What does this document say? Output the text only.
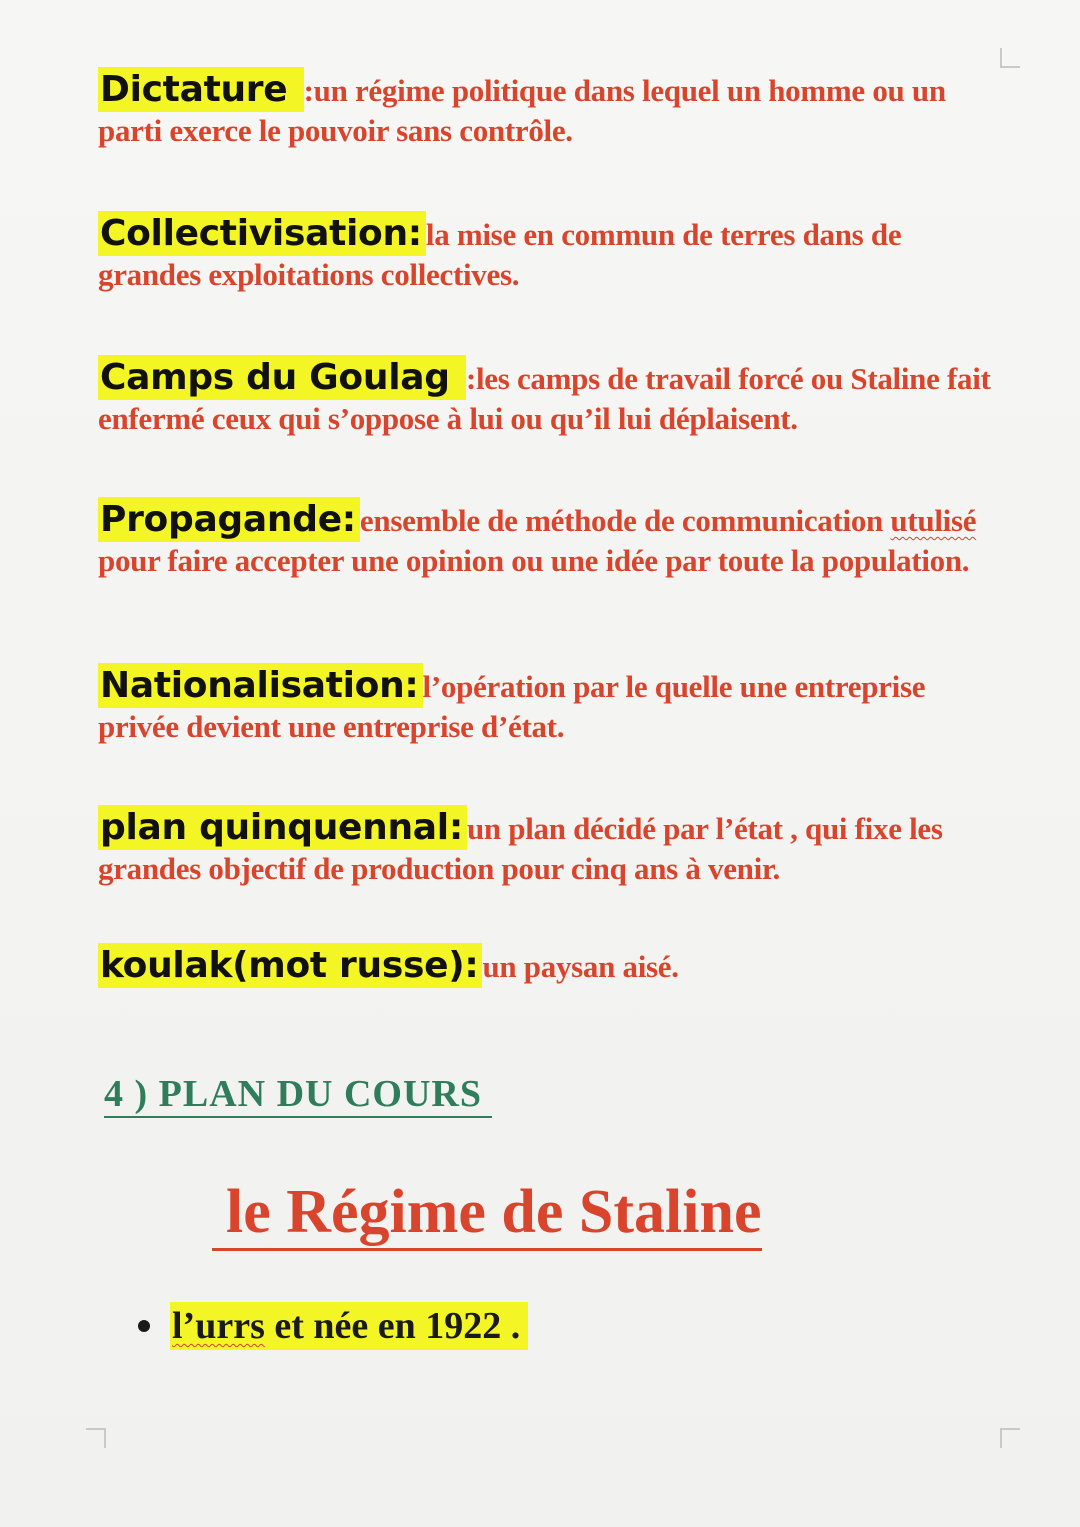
Dictature :un régime politique dans lequel un homme ou un parti exerce le pouvoir sans contrôle.
Collectivisation: la mise en commun de terres dans de grandes exploitations collectives.
Camps du Goulag :les camps de travail forcé ou Staline fait enfermé ceux qui s’oppose à lui ou qu’il lui déplaisent.
Propagande: ensemble de méthode de communication utulisé pour faire accepter une opinion ou une idée par toute la population.
Nationalisation: l’opération par le quelle une entreprise privée devient une entreprise d’état.
plan quinquennal: un plan décidé par l’état , qui fixe les grandes objectif de production pour cinq ans à venir.
koulak(mot russe): un paysan aisé.
4 ) PLAN DU COURS
le Régime de Staline
l’urrs et née en 1922 .
